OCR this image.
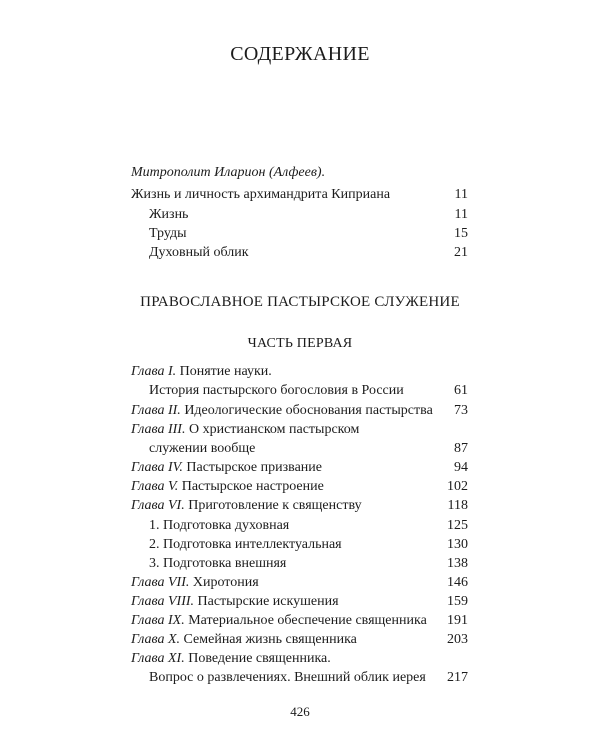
СОДЕРЖАНИЕ
Митрополит Иларион (Алфеев).
Жизнь и личность архимандрита Киприана	11
Жизнь	11
Труды	15
Духовный облик	21
ПРАВОСЛАВНОЕ ПАСТЫРСКОЕ СЛУЖЕНИЕ
ЧАСТЬ ПЕРВАЯ
Глава I. Понятие науки.
История пастырского богословия в России	61
Глава II. Идеологические обоснования пастырства 73
Глава III. О христианском пастырском
служении вообще	87
Глава IV. Пастырское призвание	94
Глава V. Пастырское настроение	102
Глава VI. Приготовление к священству	118
1. Подготовка духовная	125
2. Подготовка интеллектуальная	130
3. Подготовка внешняя	138
Глава VII. Хиротония	146
Глава VIII. Пастырские искушения	159
Глава IX. Материальное обеспечение священника 191
Глава X. Семейная жизнь священника	203
Глава XI. Поведение священника.
Вопрос о развлечениях. Внешний облик иерея 217
426
